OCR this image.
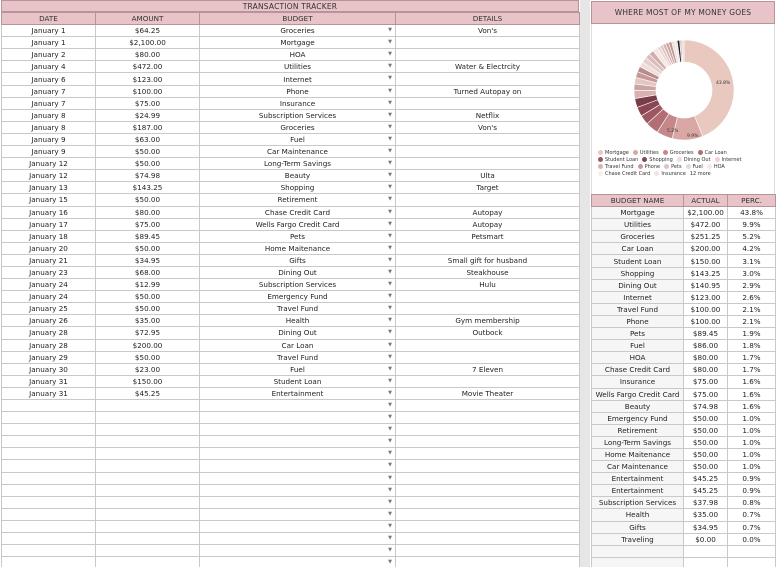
TRANSACTION TRACKER
DATE	AMOUNT	BUDGET	DETAILS
January 1	$64.25	Groceries ▼	Von's
January 1	$2,100.00	Mortgage ▼	

January 2	$80.00	HOA ▼	

January 4	$472.00	Utilities ▼	Water & Electrcity
January 6	$123.00	Internet ▼	

January 7	$100.00	Phone ▼	Turned Autopay on
January 7	$75.00	Insurance ▼	

January 8	$24.99	Subscription Services ▼	Netflix
January 8	$187.00	Groceries ▼	Von's
January 9	$63.00	Fuel ▼	

January 9	$50.00	Car Maintenance ▼	

January 12	$50.00	Long-Term Savings ▼	

January 12	$74.98	Beauty ▼	Ulta
January 13	$143.25	Shopping ▼	Target
January 15	$50.00	Retirement ▼	

January 16	$80.00	Chase Credit Card ▼	Autopay
January 17	$75.00	Wells Fargo Credit Card ▼	Autopay
January 18	$89.45	Pets ▼	Petsmart
January 20	$50.00	Home Maitenance ▼	

January 21	$34.95	Gifts ▼	Small gift for husband
January 23	$68.00	Dining Out ▼	Steakhouse
January 24	$12.99	Subscription Services ▼	Hulu
January 24	$50.00	Emergency Fund ▼	

January 25	$50.00	Travel Fund ▼	

January 26	$35.00	Health ▼	Gym membership
January 28	$72.95	Dining Out ▼	Outbock
January 28	$200.00	Car Loan ▼	

January 29	$50.00	Travel Fund ▼	

January 30	$23.00	Fuel ▼	7 Eleven
January 31	$150.00	Student Loan ▼	

January 31	$45.25	Entertainment ▼	Movie Theater

		▼	

		▼	

		▼	

		▼	

		▼	

		▼	

		▼	

		▼	

		▼	

		▼	

		▼	

		▼	

		▼	

		▼	

WHERE MOST OF MY MONEY GOES
43.8%
9.9%
5.2%
Mortgage Utilities Groceries Car LoanStudent Loan Shopping Dining Out InternetTravel Fund Phone Pets Fuel HOAChase Credit Card Insurance 12 more
BUDGET NAME	ACTUAL	PERC.
Mortgage	$2,100.00	43.8%
Utilities	$472.00	9.9%
Groceries	$251.25	5.2%
Car Loan	$200.00	4.2%
Student Loan	$150.00	3.1%
Shopping	$143.25	3.0%
Dining Out	$140.95	2.9%
Internet	$123.00	2.6%
Travel Fund	$100.00	2.1%
Phone	$100.00	2.1%
Pets	$89.45	1.9%
Fuel	$86.00	1.8%
HOA	$80.00	1.7%
Chase Credit Card	$80.00	1.7%
Insurance	$75.00	1.6%
Wells Fargo Credit Card	$75.00	1.6%
Beauty	$74.98	1.6%
Emergency Fund	$50.00	1.0%
Retirement	$50.00	1.0%
Long-Term Savings	$50.00	1.0%
Home Maitenance	$50.00	1.0%
Car Maintenance	$50.00	1.0%
Entertainment	$45.25	0.9%
Entertainment	$45.25	0.9%
Subscription Services	$37.98	0.8%
Health	$35.00	0.7%
Gifts	$34.95	0.7%
Traveling	$0.00	0.0%
